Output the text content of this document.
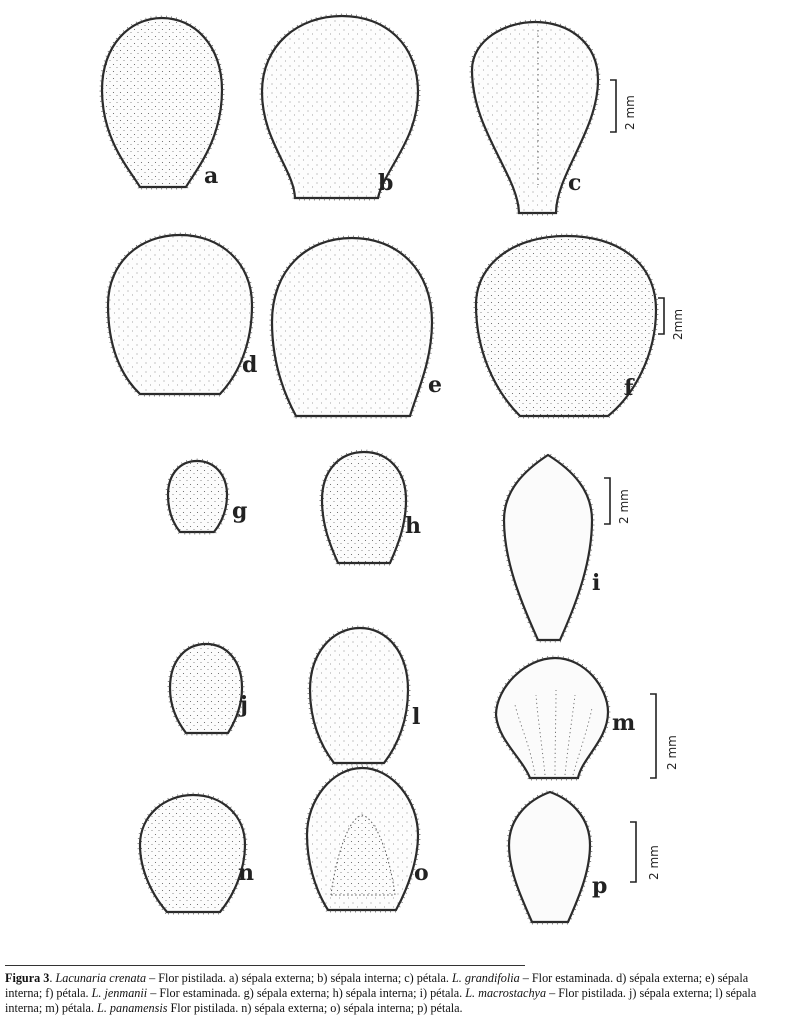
a	b	c
2 mm
d
e	f
2mm
g
h
i
2 mm
j	l	m
2 mm
n	o	p
2 mm
Figura 3. Lacunaria crenata – Flor pistilada. a) sépala externa; b) sépala interna; c) pétala. L. grandifolia – Flor estaminada. d) sépala externa; e) sépala interna; f) pétala. L. jenmanii – Flor estaminada. g) sépala externa; h) sépala interna; i) pétala. L. macrostachya – Flor pistilada. j) sépala externa; l) sépala interna; m) pétala. L. panamensis Flor pistilada. n) sépala externa; o) sépala interna; p) pétala.
